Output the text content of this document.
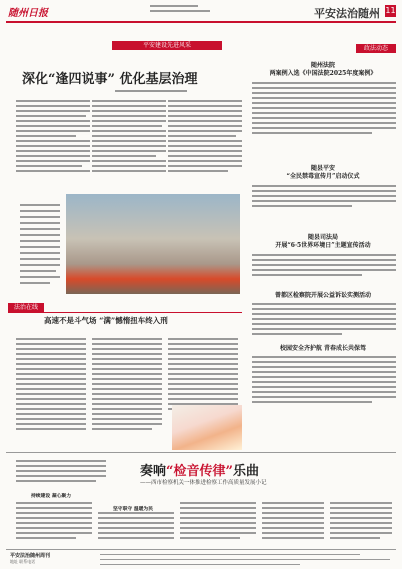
随州日报	平安法治随州 11
平安建设先进风采
深化“逢四说事” 优化基层治理
法治在线
高速不是斗气场 “满”憾惰扭车终入刑
政法动态
随州法院
两案例入选《中国法院2025年度案例》
随县平安
“全民禁毒宣传月”启动仪式
随县司法局
开展“6·5世界环境日”主题宣传活动
曾都区检察院开展公益诉讼实测活动
校园安全齐护航 青春成长共保驾
奏响“检音传律”乐曲
——西市检察机关一体推进检察工作高质量发展小记
持续建设 凝心聚力
坚守职守 温暖为民
平安法治随州周刊
地址 联系电话
